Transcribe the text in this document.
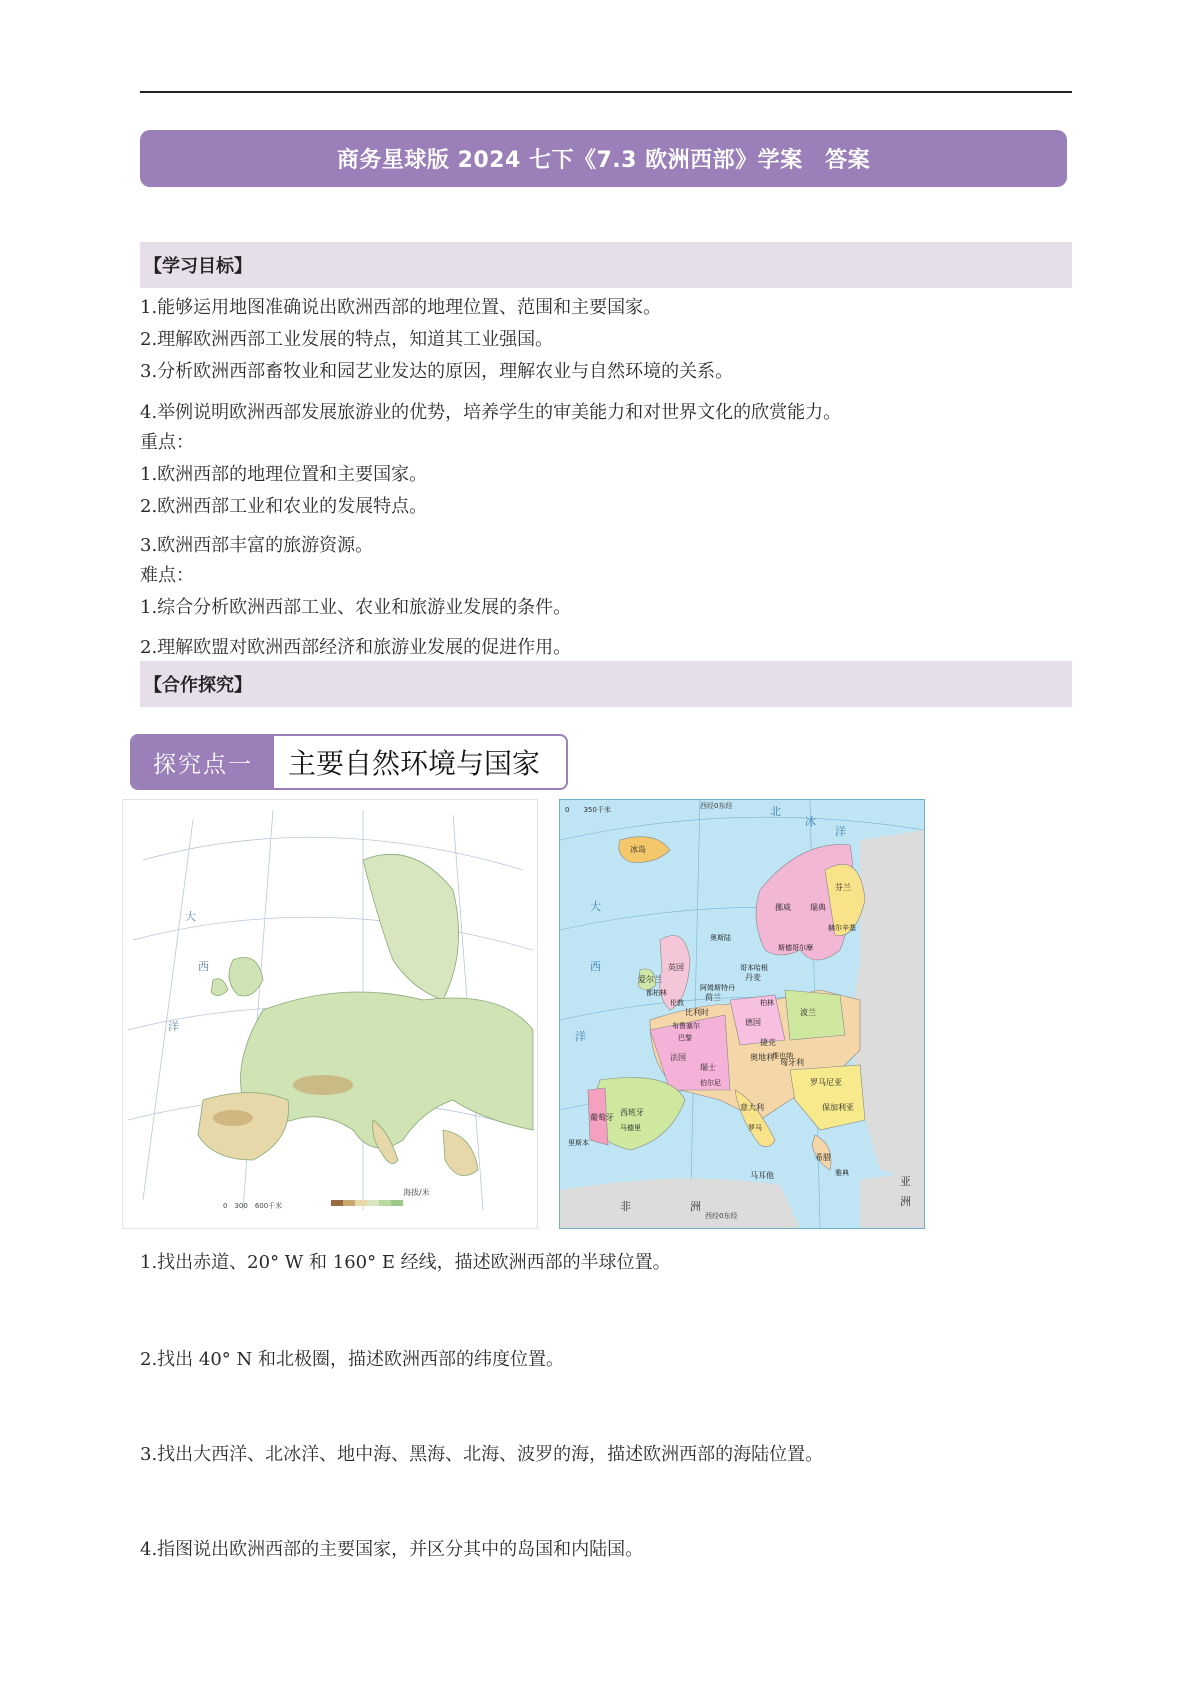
商务星球版 2024 七下《7.3 欧洲西部》学案　答案
【学习目标】
1.能够运用地图准确说出欧洲西部的地理位置、范围和主要国家。
2.理解欧洲西部工业发展的特点，知道其工业强国。
3.分析欧洲西部畜牧业和园艺业发达的原因，理解农业与自然环境的关系。
4.举例说明欧洲西部发展旅游业的优势，培养学生的审美能力和对世界文化的欣赏能力。
重点：
1.欧洲西部的地理位置和主要国家。
2.欧洲西部工业和农业的发展特点。
3.欧洲西部丰富的旅游资源。
难点：
1.综合分析欧洲西部工业、农业和旅游业发展的条件。
2.理解欧盟对欧洲西部经济和旅游业发展的促进作用。
【合作探究】
探究点一	主要自然环境与国家
大
西
洋
海拔/米
0　300　600千米
0　　350千米	西经0东经
大
西
洋
北
冰
洋
非	洲
亚
洲
西经0东经
冰岛
挪威 瑞典
芬兰
英国
爱尔兰	丹麦
德国
波兰
法国
意大利
西班牙
葡萄牙
希腊
罗马尼亚
保加利亚
奥地利
捷克
匈牙利
瑞士
比利时
荷兰
马耳他
奥斯陆
赫尔辛基
斯德哥尔摩
哥本哈根
都柏林
伦敦
阿姆斯特丹
柏林
布鲁塞尔
巴黎
伯尔尼
维也纳
罗马
雅典
里斯本
马德里
1.找出赤道、20° W 和 160° E 经线，描述欧洲西部的半球位置。
2.找出 40° N 和北极圈，描述欧洲西部的纬度位置。
3.找出大西洋、北冰洋、地中海、黑海、北海、波罗的海，描述欧洲西部的海陆位置。
4.指图说出欧洲西部的主要国家，并区分其中的岛国和内陆国。
